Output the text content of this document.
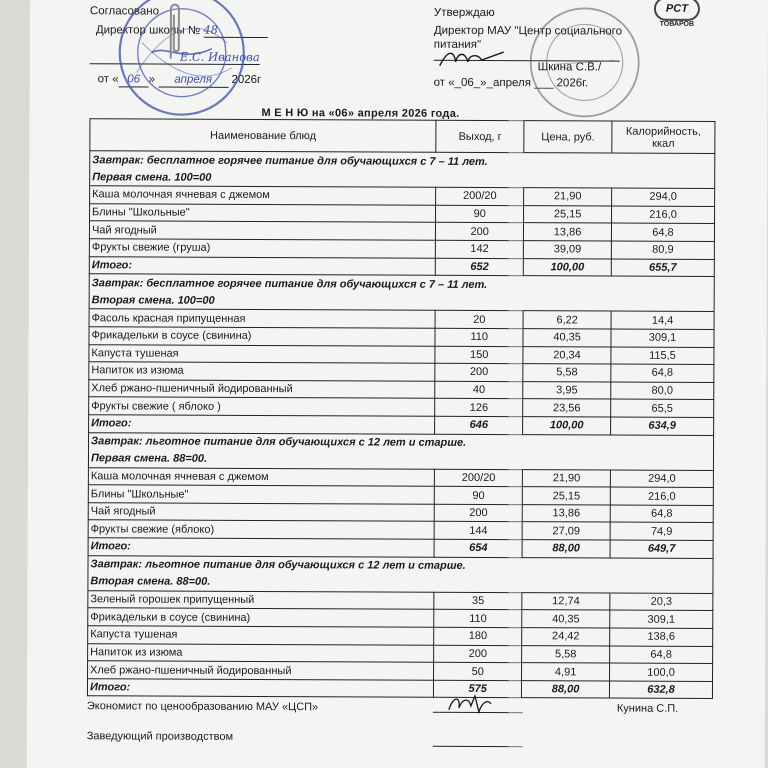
Согласовано
Директор школы № 48
Е.С. Иванова
от « 06 » апреля 2026г
Утверждаю
Директор МАУ "Центр социального
питания"
Шкина С.В./
от «_06_»_апреля ___ 2026г.
PCT
ТОВАРОВ
М Е Н Ю на «06» апреля 2026 года.
Наименование блюд	Выход, г	Цена, руб.	Калорийность, ккал
Завтрак: бесплатное горячее питание для обучающихся с 7 – 11 лет.			
Первая смена. 100=00			
Каша молочная ячневая с джемом	200/20	21,90	294,0
Блины "Школьные"	90	25,15	216,0
Чай ягодный	200	13,86	64,8
Фрукты свежие (груша)	142	39,09	80,9
Итого:	652	100,00	655,7
Завтрак: бесплатное горячее питание для обучающихся с 7 – 11 лет.			
Вторая смена. 100=00			
Фасоль красная припущенная	20	6,22	14,4
Фрикадельки в соусе (свинина)	110	40,35	309,1
Капуста тушеная	150	20,34	115,5
Напиток из изюма	200	5,58	64,8
Хлеб ржано-пшеничный йодированный	40	3,95	80,0
Фрукты свежие ( яблоко )	126	23,56	65,5
Итого:	646	100,00	634,9
Завтрак: льготное питание для обучающихся с 12 лет и старше.			
Первая смена. 88=00.			
Каша молочная ячневая с джемом	200/20	21,90	294,0
Блины "Школьные"	90	25,15	216,0
Чай ягодный	200	13,86	64,8
Фрукты свежие (яблоко)	144	27,09	74,9
Итого:	654	88,00	649,7
Завтрак: льготное питание для обучающихся с 12 лет и старше.			
Вторая смена. 88=00.			
Зеленый горошек припущенный	35	12,74	20,3
Фрикадельки в соусе (свинина)	110	40,35	309,1
Капуста тушеная	180	24,42	138,6
Напиток из изюма	200	5,58	64,8
Хлеб ржано-пшеничный йодированный	50	4,91	100,0
Итого:	575	88,00	632,8
Экономист по ценообразованию МАУ «ЦСП»	Кунина С.П.
Заведующий производством
